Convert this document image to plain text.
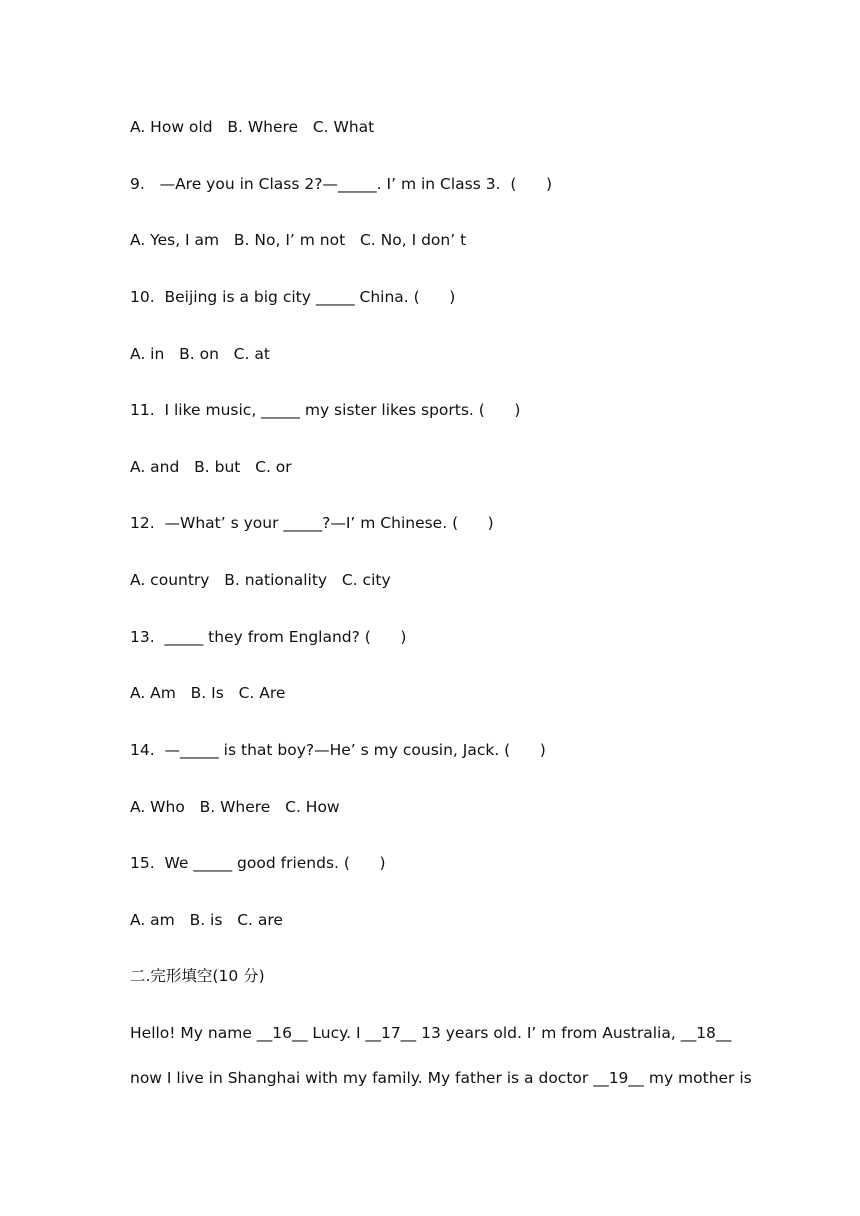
A. How old   B. Where   C. What
9.   —Are you in Class 2?—_____. I’ m in Class 3.  (      )
A. Yes, I am   B. No, I’ m not   C. No, I don’ t
10.  Beijing is a big city _____ China. (      )
A. in   B. on   C. at
11.  I like music, _____ my sister likes sports. (      )
A. and   B. but   C. or
12.  —What’ s your _____?—I’ m Chinese. (      )
A. country   B. nationality   C. city
13.  _____ they from England? (      )
A. Am   B. Is   C. Are
14.  —_____ is that boy?—He’ s my cousin, Jack. (      )
A. Who   B. Where   C. How
15.  We _____ good friends. (      )
A. am   B. is   C. are
二.完形填空(10 分)
Hello! My name __16__ Lucy. I __17__ 13 years old. I’ m from Australia, __18__
now I live in Shanghai with my family. My father is a doctor __19__ my mother is
